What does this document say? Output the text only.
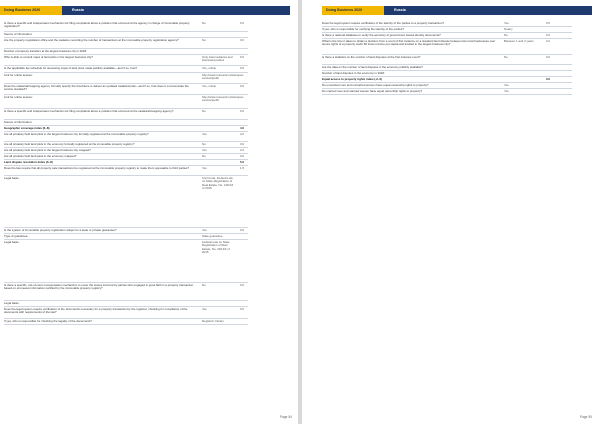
Doing Business 2020	Russia
Is there a specific and independent mechanism for filing complaints about a problem that occurred at the agency in charge of immovable property registration?
No	0.0
Source of information:
Are the property registration office and the cadastre recording the number of transactions at the immovable property registration agency?	No	0.0
Number of property transfers at the largest business city in 2018:
Who is able to consult maps of land plots in the largest business city?	Only intermediaries and interested parties
0.0
Is the applicable fee schedule for accessing maps of land plots made publicly available—and if so, how?	Yes, online	0.5
Link for online access:	http://www.rosreestr.ru/site/open-service/ipubl/
Does the cadastral/mapping agency formally specify the timeframe to deliver an updated cadastral plan—and if so, how does it communicate the service standard?
Yes, online	0.5
Link for online access:	http://www.rosreestr.ru/site/open-service/ipubl/
Is there a specific and independent mechanism for filing complaints about a problem that occurred at the cadastral/mapping agency?	No	0.0
Source of information:
Geographic coverage index (0–8)	4.0
Are all privately held land plots in the largest business city formally registered at the immovable property registry?	Yes	2.0
Are all privately held land plots in the economy formally registered at the immovable property registry?	No	0.0
Are all privately held land plots in the largest business city mapped?	Yes	2.0
Are all privately held land plots in the economy mapped?	No	0.0
Land dispute resolution index (0–8)	5.0
Does the law require that all property sale transactions be registered at the immovable property registry to make them opposable to third parties?	Yes	1.5
Legal basis:	Civil Code, Federal Law on State Registration of Real Estate, No. 218-FZ of 2015
Is the system of immovable property registration subject to a state or private guarantee?	Yes	0.5
Type of guarantee:	State guarantee
Legal basis:	Federal Law on State Registration of Real Estate, No. 218-FZ of 2015
Is there a specific, out-of-court compensation mechanism to cover the losses incurred by parties who engaged in good faith in a property transaction based on erroneous information certified by the immovable property registry?
No	0.0
Legal basis:
Does the legal system require verification of the documents necessary for a property transaction by the registrar, checking for compliance of the documents with requirements of the law?
Yes	0.5
If yes, who is responsible for checking the legality of the documents?	Registrar; Notary
Page 54
Doing Business 2020	Russia
Does the legal system require verification of the identity of the parties to a property transaction?	Yes	0.5
If yes, who is responsible for verifying the identity of the parties?	Notary
Is there a national database to verify the accuracy of government issued identity documents?	No	0.0
What is the time it takes to obtain a decision from a court of first instance on a standard land dispute between two local businesses over tenure rights of a property worth 50 times income per capita and located in the largest business city?
Between 1 and 2 years	2.0
Is there a statistics on the number of land disputes at the first instance court?	No	0.0
Are the data on the number of land disputes in the economy publicly available?
Number of land disputes in the economy in 2018:
Equal access to property rights index (-2–0)	0.0
Do unmarried men and unmarried women have equal ownership rights to property?	Yes
Do married men and married women have equal ownership rights to property?	Yes
Page 55
